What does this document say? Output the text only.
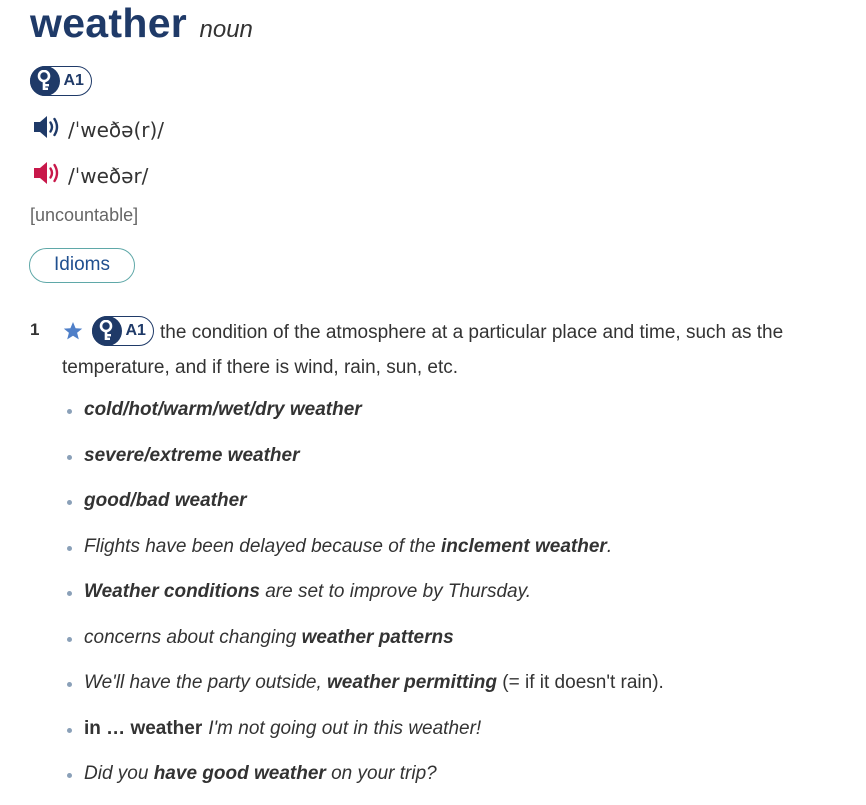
weather noun
A1
/ˈweðə(r)/
/ˈweðər/
[uncountable]
Idioms
1	A1 the condition of the atmosphere at a particular place and time, such as the temperature, and if there is wind, rain, sun, etc.
cold/hot/warm/wet/dry weather
severe/extreme weather
good/bad weather
Flights have been delayed because of the inclement weather.
Weather conditions are set to improve by Thursday.
concerns about changing weather patterns
We'll have the party outside, weather permitting (= if it doesn't rain).
in … weather I'm not going out in this weather!
Did you have good weather on your trip?
